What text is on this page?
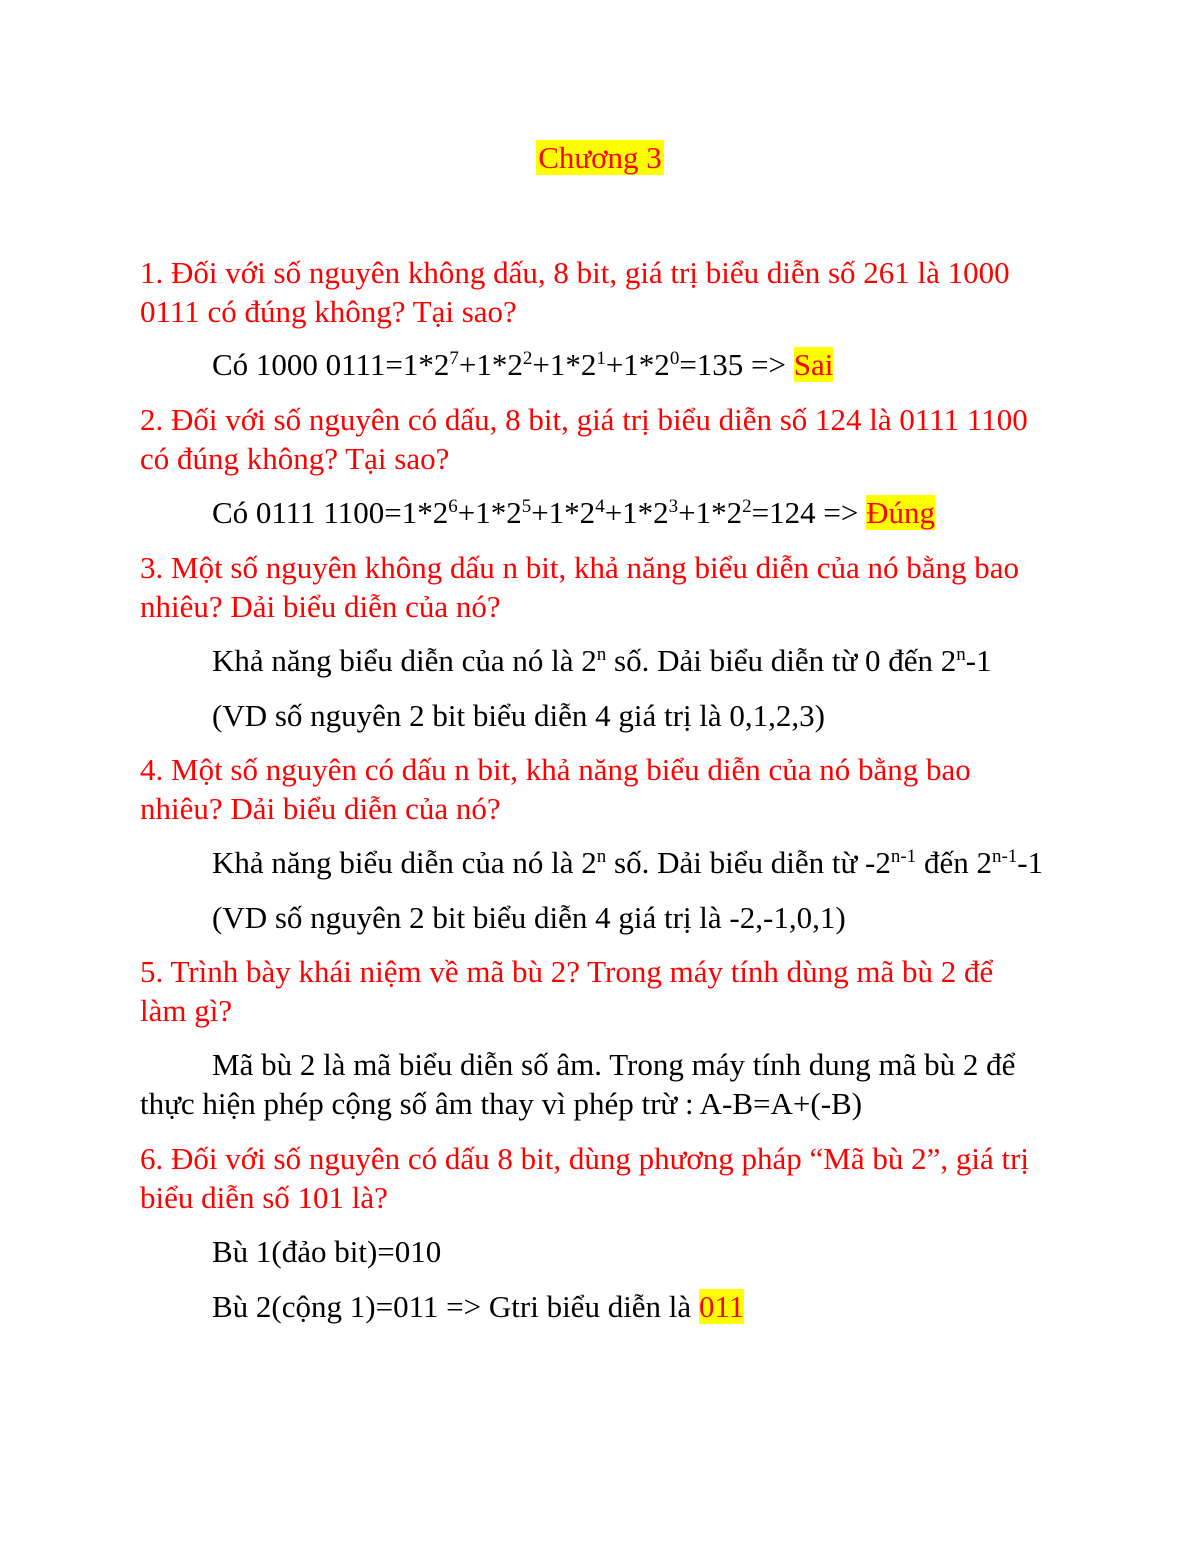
Chương 3
1. Đối với số nguyên không dấu, 8 bit, giá trị biểu diễn số 261 là 1000
0111 có đúng không? Tại sao?
Có 1000 $0111=1*2^7+1*2^2+1*2^1+1*2^0=135$ => Sai
2. Đối với số nguyên có dấu, 8 bit, giá trị biểu diễn số 124 là 0111 1100
có đúng không? Tại sao?
Có 0111 $1100=1*2^6+1*2^5+1*2^4+1*2^3+1*2^2=124$ => Đúng
3. Một số nguyên không dấu n bit, khả năng biểu diễn của nó bằng bao
nhiêu? Dải biểu diễn của nó?
Khả năng biểu diễn của nó là 2$^n$ số. Dải biểu diễn từ 0 đến 2$^n$-1
(VD số nguyên 2 bit biểu diễn 4 giá trị là 0,1,2,3)
4. Một số nguyên có dấu n bit, khả năng biểu diễn của nó bằng bao
nhiêu? Dải biểu diễn của nó?
Khả năng biểu diễn của nó là 2$^n$ số. Dải biểu diễn từ -2$^{n-1}$ đến 2$^{n-1}$-1
(VD số nguyên 2 bit biểu diễn 4 giá trị là -2,-1,0,1)
5. Trình bày khái niệm về mã bù 2? Trong máy tính dùng mã bù 2 để
làm gì?
Mã bù 2 là mã biểu diễn số âm. Trong máy tính dung mã bù 2 để
thực hiện phép cộng số âm thay vì phép trừ : A-B=A+(-B)
6. Đối với số nguyên có dấu 8 bit, dùng phương pháp “Mã bù 2”, giá trị
biểu diễn số 101 là?
Bù 1(đảo bit)=010
Bù 2(cộng 1)=011 => Gtri biểu diễn là 011
